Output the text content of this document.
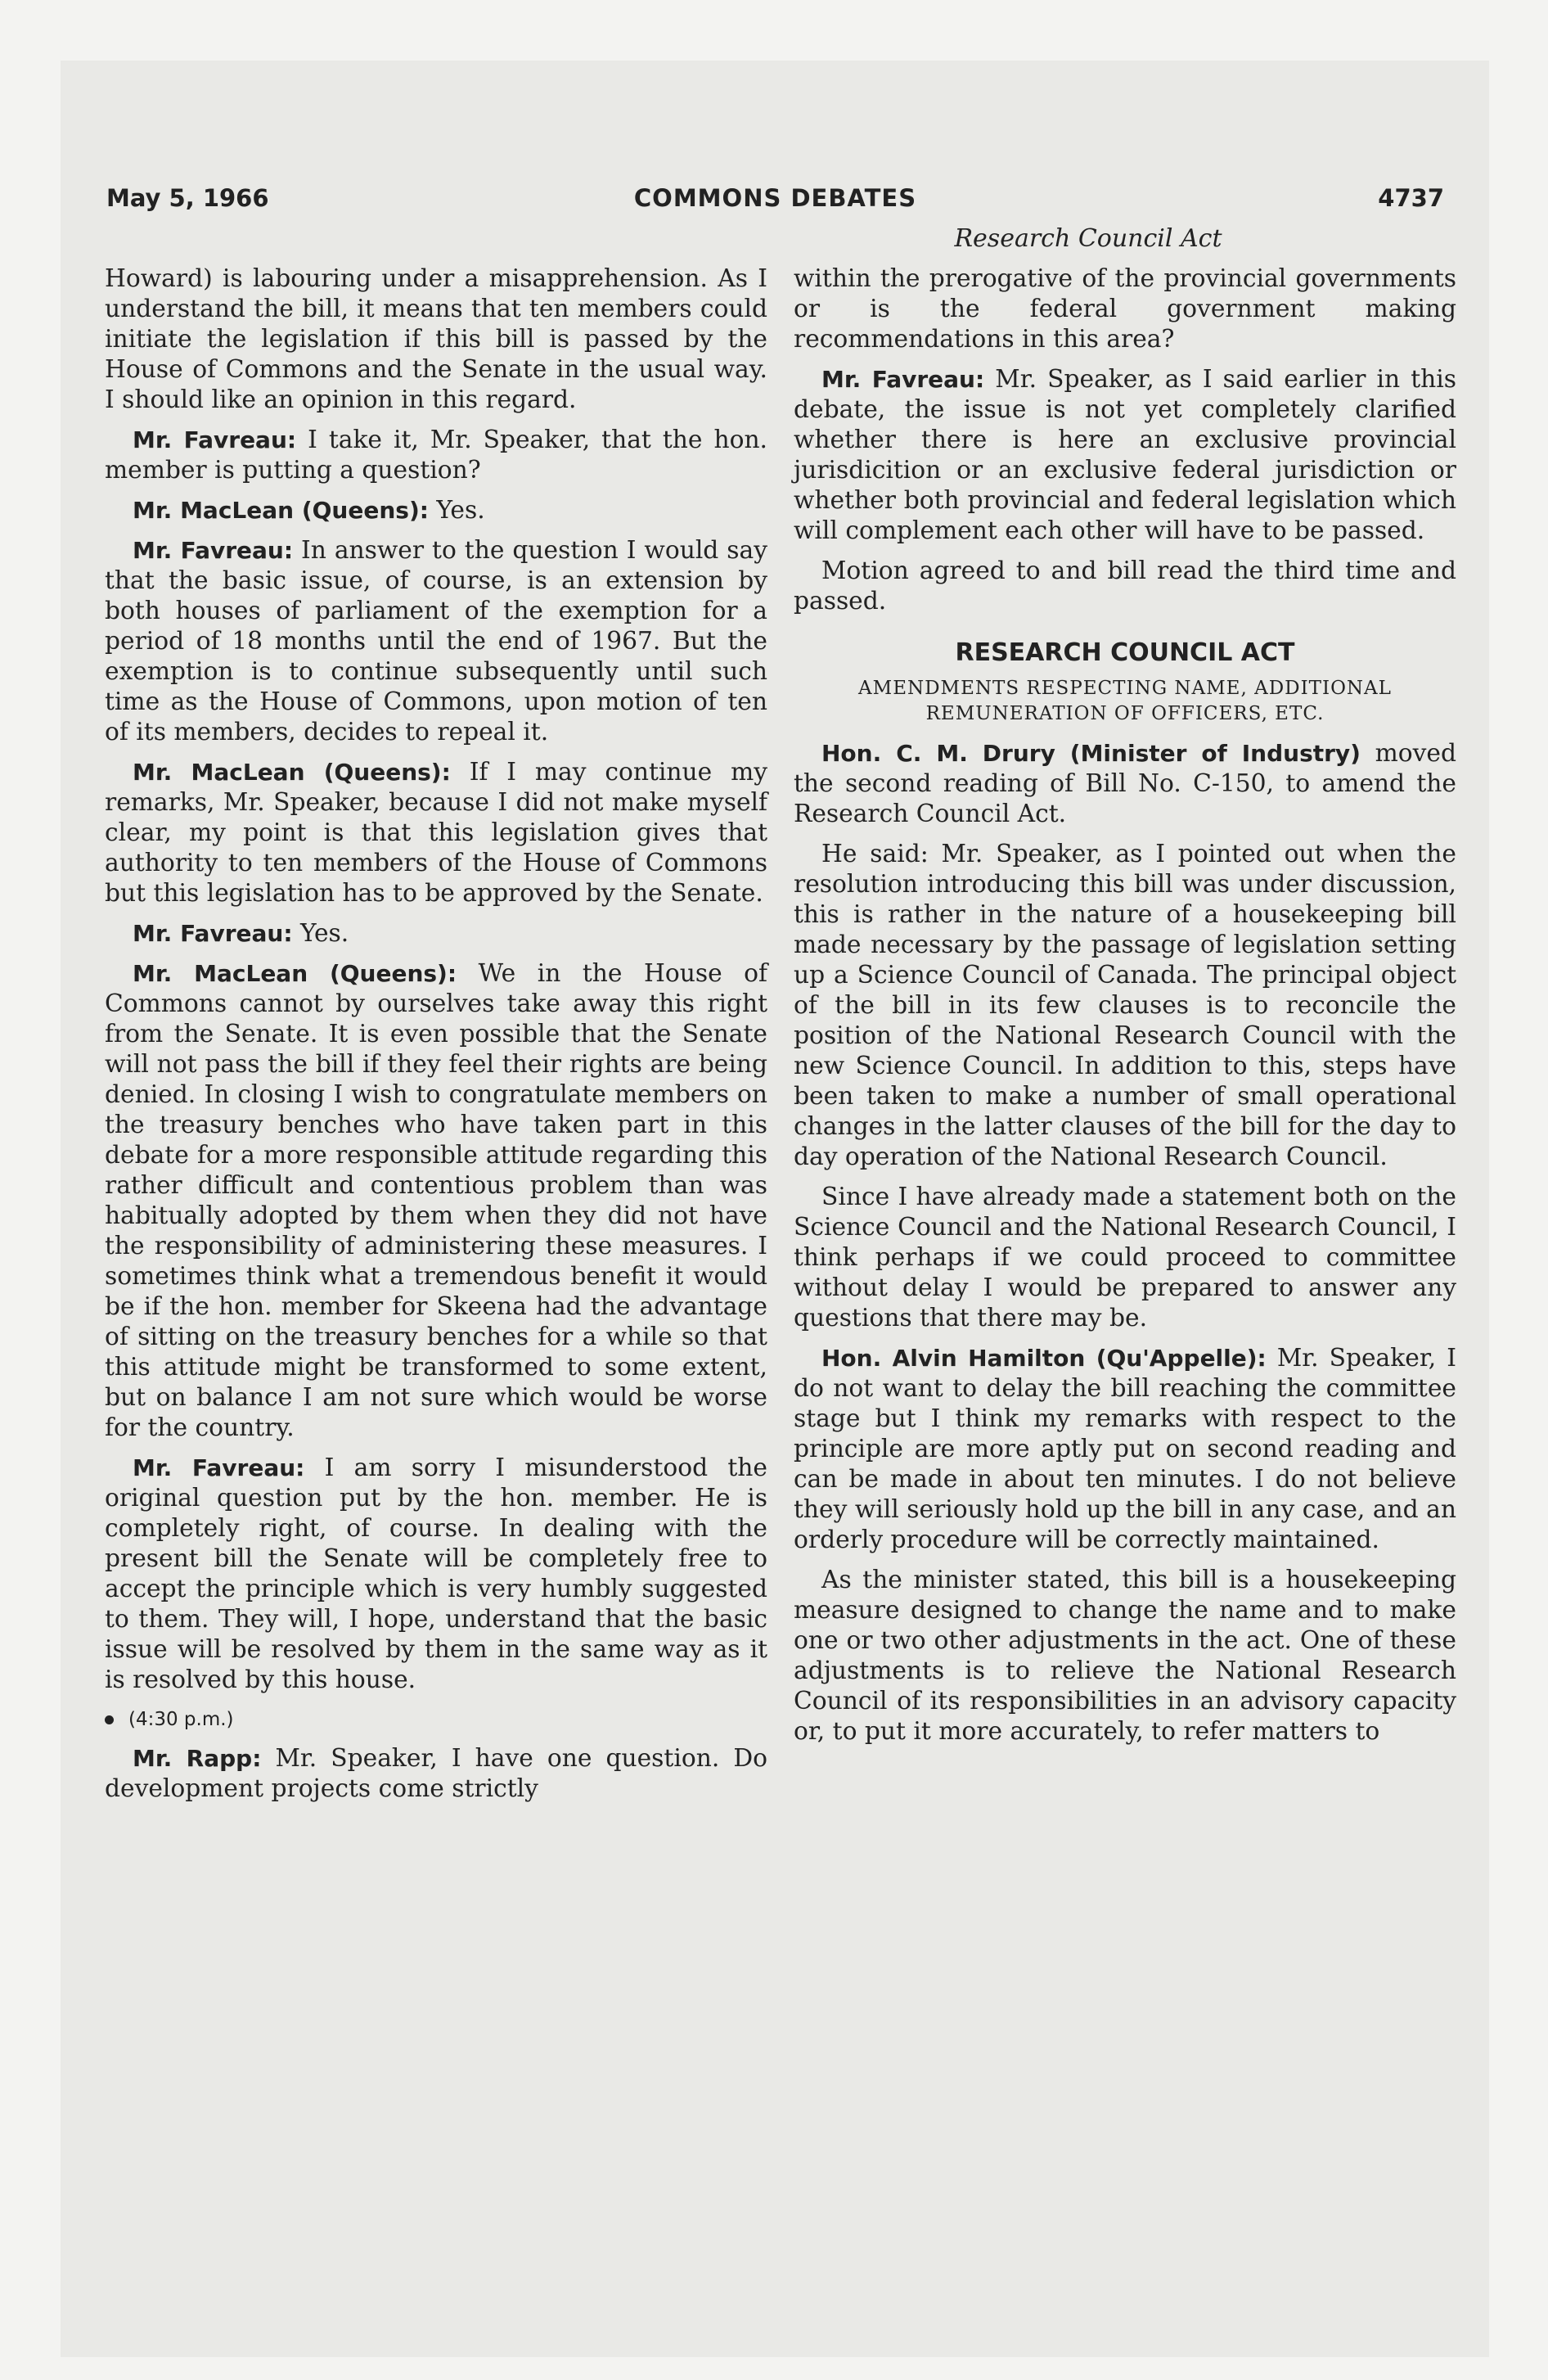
May 5, 1966	COMMONS DEBATES	4737
Research Council Act

Howard) is labouring under a misapprehension. As I understand the bill, it means that ten members could initiate the legislation if this bill is passed by the House of Commons and the Senate in the usual way. I should like an opinion in this regard.

Mr. Favreau: I take it, Mr. Speaker, that the hon. member is putting a question?

Mr. MacLean (Queens): Yes.

Mr. Favreau: In answer to the question I would say that the basic issue, of course, is an extension by both houses of parliament of the exemption for a period of 18 months until the end of 1967. But the exemption is to continue subsequently until such time as the House of Commons, upon motion of ten of its members, decides to repeal it.

Mr. MacLean (Queens): If I may continue my remarks, Mr. Speaker, because I did not make myself clear, my point is that this legislation gives that authority to ten members of the House of Commons but this legislation has to be approved by the Senate.

Mr. Favreau: Yes.

Mr. MacLean (Queens): We in the House of Commons cannot by ourselves take away this right from the Senate. It is even possible that the Senate will not pass the bill if they feel their rights are being denied. In closing I wish to congratulate members on the treasury benches who have taken part in this debate for a more responsible attitude regarding this rather difficult and contentious problem than was habitually adopted by them when they did not have the responsibility of administering these measures. I sometimes think what a tremendous benefit it would be if the hon. member for Skeena had the advantage of sitting on the treasury benches for a while so that this attitude might be transformed to some extent, but on balance I am not sure which would be worse for the country.

Mr. Favreau: I am sorry I misunderstood the original question put by the hon. member. He is completely right, of course. In dealing with the present bill the Senate will be completely free to accept the principle which is very humbly suggested to them. They will, I hope, understand that the basic issue will be resolved by them in the same way as it is resolved by this house.

(4:30 p.m.)

Mr. Rapp: Mr. Speaker, I have one question. Do development projects come strictly

within the prerogative of the provincial governments or is the federal government making recommendations in this area?

Mr. Favreau: Mr. Speaker, as I said earlier in this debate, the issue is not yet completely clarified whether there is here an exclusive provincial jurisdicition or an exclusive federal jurisdiction or whether both provincial and federal legislation which will complement each other will have to be passed.

Motion agreed to and bill read the third time and passed.

RESEARCH COUNCIL ACT
AMENDMENTS RESPECTING NAME, ADDITIONAL REMUNERATION OF OFFICERS, ETC.

Hon. C. M. Drury (Minister of Industry) moved the second reading of Bill No. C-150, to amend the Research Council Act.

He said: Mr. Speaker, as I pointed out when the resolution introducing this bill was under discussion, this is rather in the nature of a housekeeping bill made necessary by the passage of legislation setting up a Science Council of Canada. The principal object of the bill in its few clauses is to reconcile the position of the National Research Council with the new Science Council. In addition to this, steps have been taken to make a number of small operational changes in the latter clauses of the bill for the day to day operation of the National Research Council.

Since I have already made a statement both on the Science Council and the National Research Council, I think perhaps if we could proceed to committee without delay I would be prepared to answer any questions that there may be.

Hon. Alvin Hamilton (Qu'Appelle): Mr. Speaker, I do not want to delay the bill reaching the committee stage but I think my remarks with respect to the principle are more aptly put on second reading and can be made in about ten minutes. I do not believe they will seriously hold up the bill in any case, and an orderly procedure will be correctly maintained.

As the minister stated, this bill is a housekeeping measure designed to change the name and to make one or two other adjustments in the act. One of these adjustments is to relieve the National Research Council of its responsibilities in an advisory capacity or, to put it more accurately, to refer matters to
